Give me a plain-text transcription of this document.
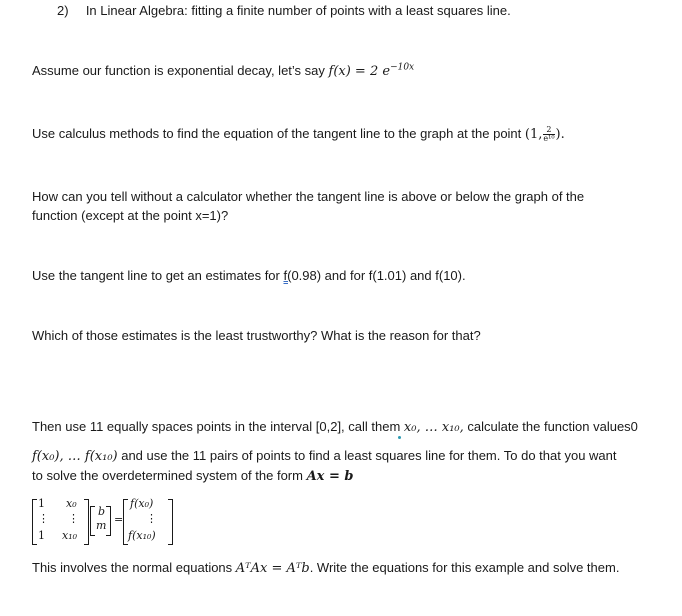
2) In Linear Algebra: fitting a finite number of points with a least squares line.
Assume our function is exponential decay, let’s say f(x) = 2 $e^{-10x}$
Use calculus methods to find the equation of the tangent line to the graph at the point (1, $\frac{2}{\text{e¹⁰}}$ ).
How can you tell without a calculator whether the tangent line is above or below the graph of the
function (except at the point x=1)?
Use the tangent line to get an estimates for f(0.98) and for f(1.01) and f(10).
Which of those estimates is the least trustworthy? What is the reason for that?
Then use 11 equally spaces points in the interval [0,2], call them x₀, … x₁₀, calculate the function values0
f(x₀), … f(x₁₀) and use the 11 pairs of points to find a least squares line for them. To do that you want
to solve the overdetermined system of the form Ax = b
1 x₀
⋮ ⋮
1 x₁₀
b
m =
f(x₀)
⋮
f(x₁₀)
This involves the normal equations AᵀAx = Aᵀb. Write the equations for this example and solve them.
